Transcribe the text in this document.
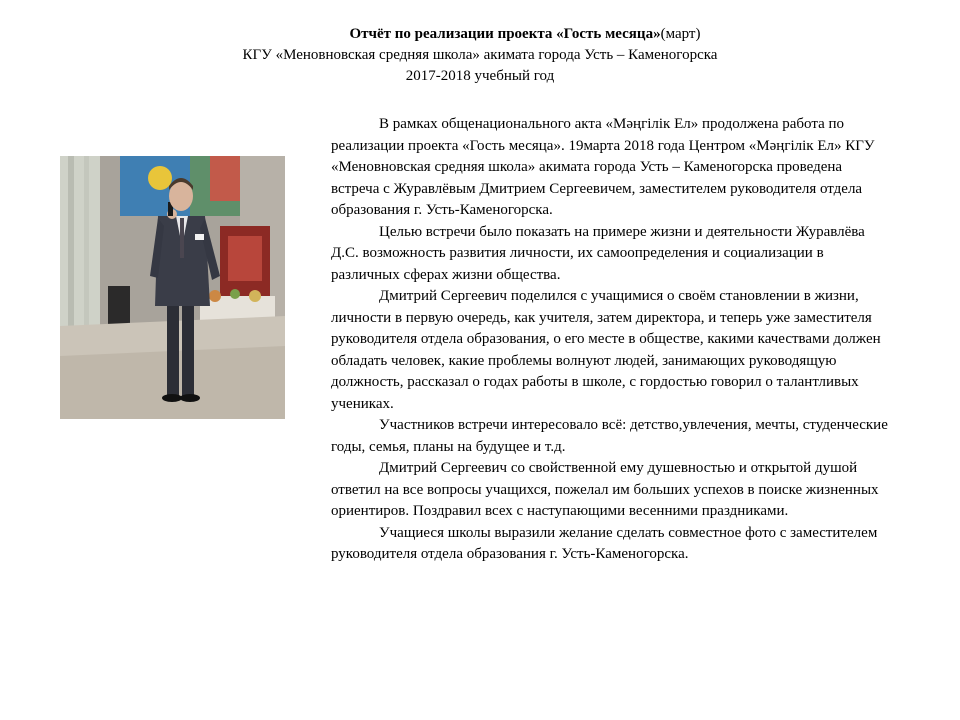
Отчёт по реализации проекта «Гость месяца»(март)
КГУ «Меновновская средняя школа» акимата города Усть – Каменогорска
2017-2018 учебный год

В рамках общенационального акта «Мәңгілік Ел» продолжена работа по реализации проекта «Гость месяца». 19марта 2018 года Центром «Мәңгілік Ел» КГУ «Меновновская средняя школа» акимата города Усть – Каменогорска проведена встреча с Журавлёвым Дмитрием Сергеевичем, заместителем руководителя отдела образования г. Усть-Каменогорска.

Целью встречи было показать на примере жизни и деятельности Журавлёва Д.С. возможность развития личности, их самоопределения и социализации в различных сферах жизни общества.

Дмитрий Сергеевич поделился с учащимися о своём становлении в жизни, личности в первую очередь, как учителя, затем директора, и теперь уже заместителя руководителя отдела образования, о его месте в обществе, какими качествами должен обладать человек, какие проблемы волнуют людей, занимающих руководящую должность, рассказал о годах работы в школе, с гордостью говорил о талантливых учениках.

Участников встречи интересовало всё: детство,увлечения, мечты, студенческие годы, семья, планы на будущее и т.д.

Дмитрий Сергеевич со свойственной ему душевностью и открытой душой ответил на все вопросы учащихся, пожелал им больших успехов в поиске жизненных ориентиров. Поздравил всех с наступающими весенними праздниками.

Учащиеся школы выразили желание сделать совместное фото с заместителем руководителя отдела образования г. Усть-Каменогорска.
